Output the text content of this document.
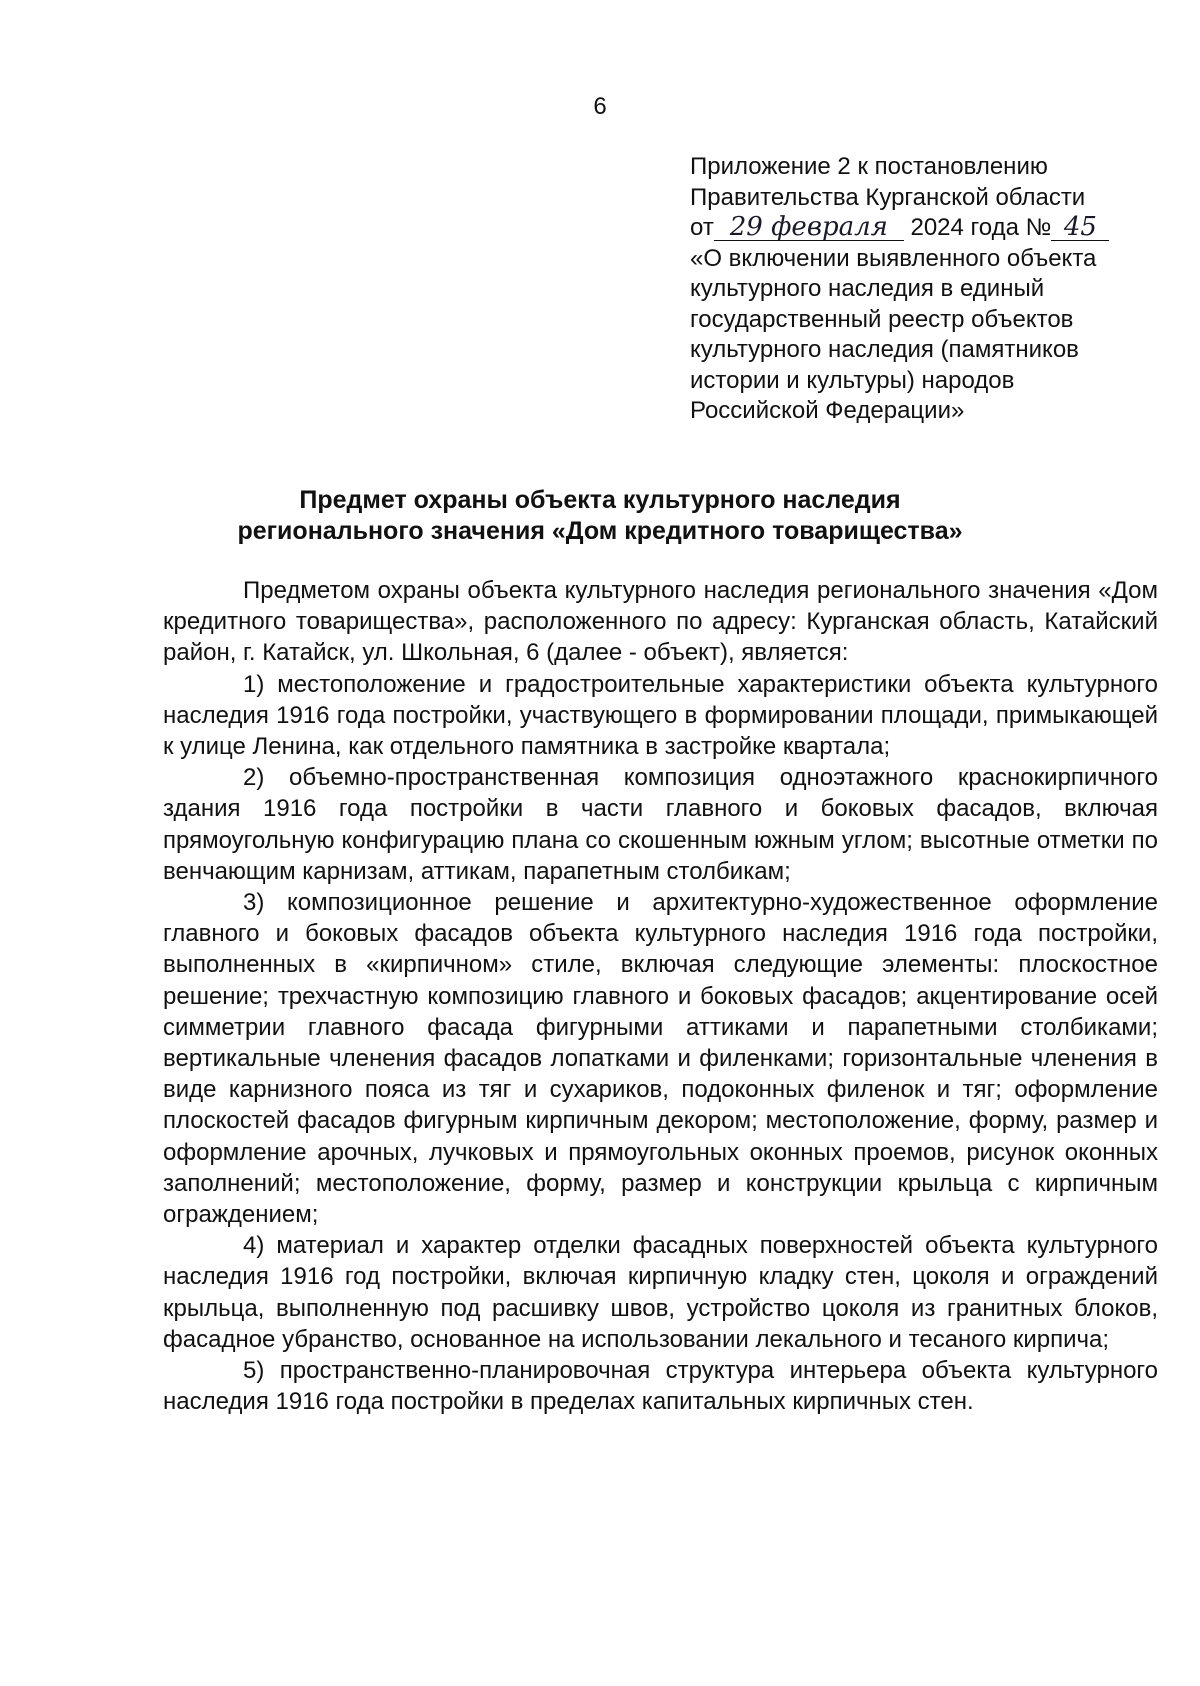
6
Приложение 2 к постановлению
Правительства Курганской области
от 29 февраля 2024 года № 45
«О включении выявленного объекта
культурного наследия в единый
государственный реестр объектов
культурного наследия (памятников
истории и культуры) народов
Российской Федерации»
Предмет охраны объекта культурного наследия
регионального значения «Дом кредитного товарищества»

Предметом охраны объекта культурного наследия регионального значения «Дом кредитного товарищества», расположенного по адресу: Курганская область, Катайский район, г. Катайск, ул. Школьная, 6 (далее - объект), является:

1) местоположение и градостроительные характеристики объекта культурного наследия 1916 года постройки, участвующего в формировании площади, примыкающей к улице Ленина, как отдельного памятника в застройке квартала;

2) объемно-пространственная композиция одноэтажного краснокирпичного здания 1916 года постройки в части главного и боковых фасадов, включая прямоугольную конфигурацию плана со скошенным южным углом; высотные отметки по венчающим карнизам, аттикам, парапетным столбикам;

3) композиционное решение и архитектурно-художественное оформление главного и боковых фасадов объекта культурного наследия 1916 года постройки, выполненных в «кирпичном» стиле, включая следующие элементы: плоскостное решение; трехчастную композицию главного и боковых фасадов; акцентирование осей симметрии главного фасада фигурными аттиками и парапетными столбиками; вертикальные членения фасадов лопатками и филенками; горизонтальные членения в виде карнизного пояса из тяг и сухариков, подоконных филенок и тяг; оформление плоскостей фасадов фигурным кирпичным декором; местоположение, форму, размер и оформление арочных, лучковых и прямоугольных оконных проемов, рисунок оконных заполнений; местоположение, форму, размер и конструкции крыльца с кирпичным ограждением;

4) материал и характер отделки фасадных поверхностей объекта культурного наследия 1916 год постройки, включая кирпичную кладку стен, цоколя и ограждений крыльца, выполненную под расшивку швов, устройство цоколя из гранитных блоков, фасадное убранство, основанное на использовании лекального и тесаного кирпича;

5) пространственно-планировочная структура интерьера объекта культурного наследия 1916 года постройки в пределах капитальных кирпичных стен.
